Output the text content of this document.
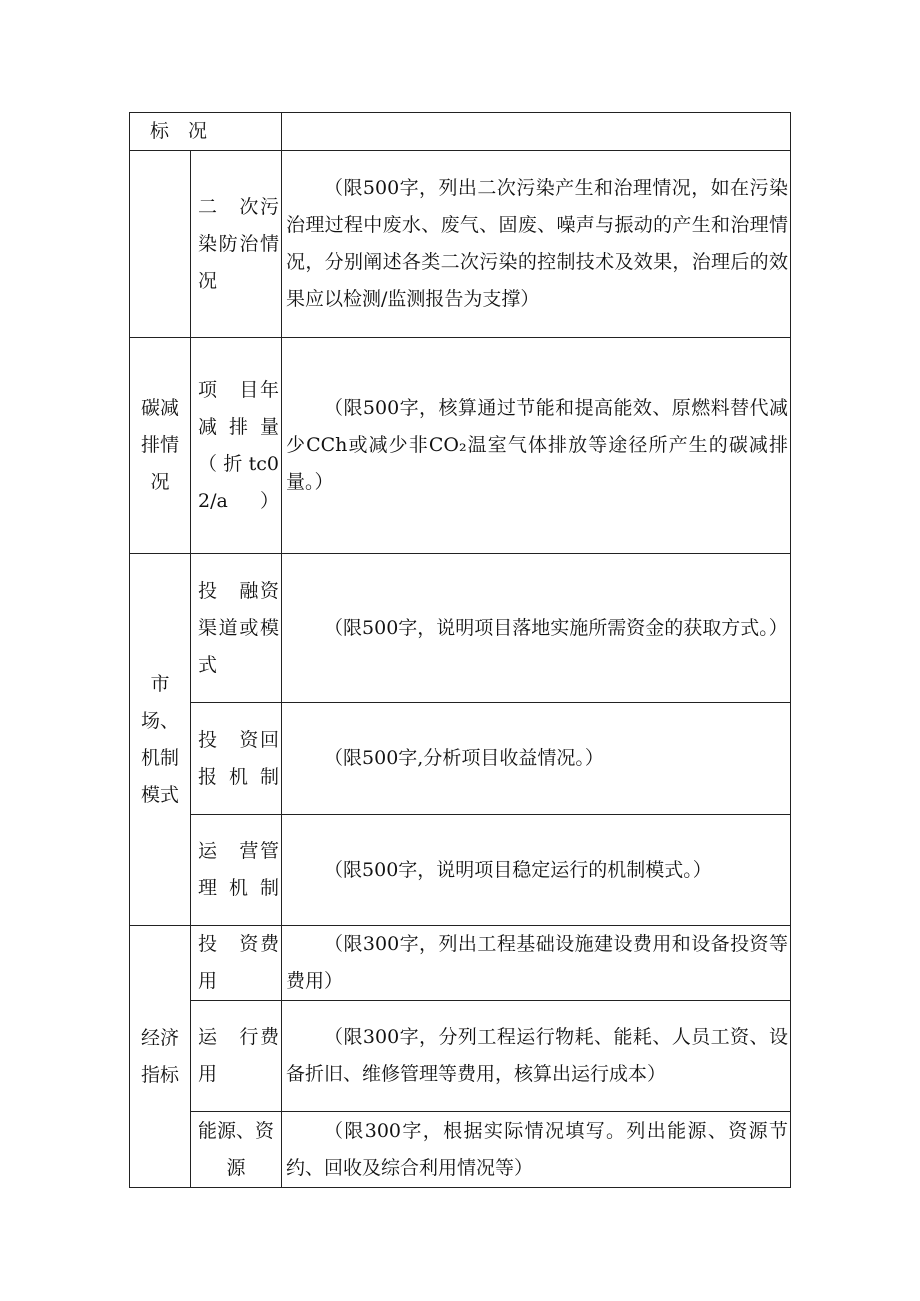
标　况		
	二　次污染防治情况	（限500字，列出二次污染产生和治理情况，如在污染治理过程中废水、废气、固废、噪声与振动的产生和治理情况，分别阐述各类二次污染的控制技术及效果，治理后的效果应以检测/监测报告为支撑）
碳减排情况	项　目年减排量（折tc02/a）	（限500字，核算通过节能和提高能效、原燃料替代减少CCh或减少非CO₂温室气体排放等途径所产生的碳减排量。）
市场、机制模式	投　融资渠道或模式	（限500字，说明项目落地实施所需资金的获取方式。）
	投　资回报机制	（限500字,分析项目收益情况。）
	运　营管理机制	（限500字，说明项目稳定运行的机制模式。）
经济指标	投　资费用	（限300字，列出工程基础设施建设费用和设备投资等费用）
	运　行费用	（限300字，分列工程运行物耗、能耗、人员工资、设备折旧、维修管理等费用，核算出运行成本）
	能源、资源	（限300字，根据实际情况填写。列出能源、资源节约、回收及综合利用情况等）
